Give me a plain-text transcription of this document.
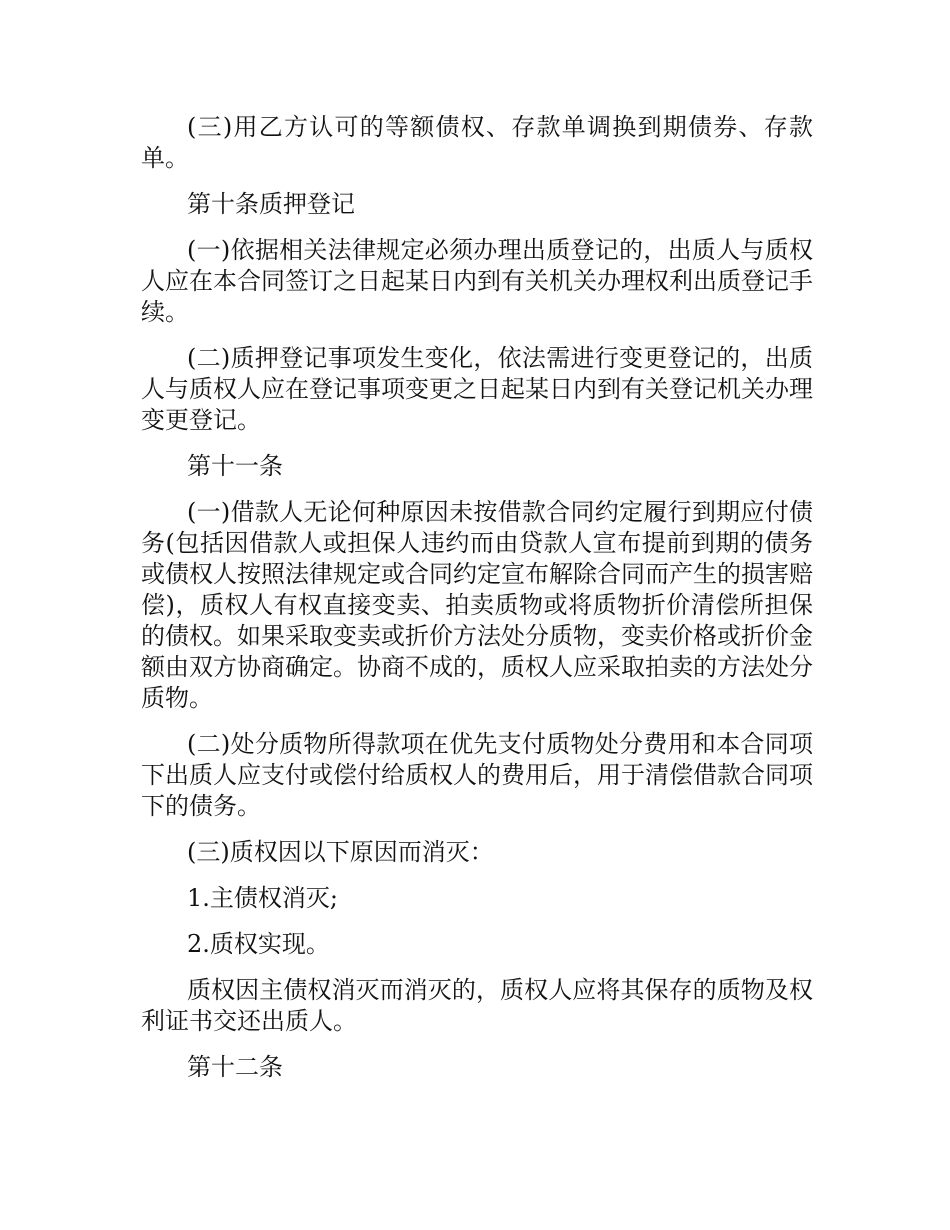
(三)用乙方认可的等额债权、存款单调换到期债券、存款单。

第十条质押登记

(一)依据相关法律规定必须办理出质登记的，出质人与质权人应在本合同签订之日起某日内到有关机关办理权利出质登记手续。

(二)质押登记事项发生变化，依法需进行变更登记的，出质人与质权人应在登记事项变更之日起某日内到有关登记机关办理变更登记。

第十一条

(一)借款人无论何种原因未按借款合同约定履行到期应付债务(包括因借款人或担保人违约而由贷款人宣布提前到期的债务或债权人按照法律规定或合同约定宣布解除合同而产生的损害赔偿)，质权人有权直接变卖、拍卖质物或将质物折价清偿所担保的债权。如果采取变卖或折价方法处分质物，变卖价格或折价金额由双方协商确定。协商不成的，质权人应采取拍卖的方法处分质物。

(二)处分质物所得款项在优先支付质物处分费用和本合同项下出质人应支付或偿付给质权人的费用后，用于清偿借款合同项下的债务。

(三)质权因以下原因而消灭：

1.主债权消灭;

2.质权实现。

质权因主债权消灭而消灭的，质权人应将其保存的质物及权利证书交还出质人。

第十二条
